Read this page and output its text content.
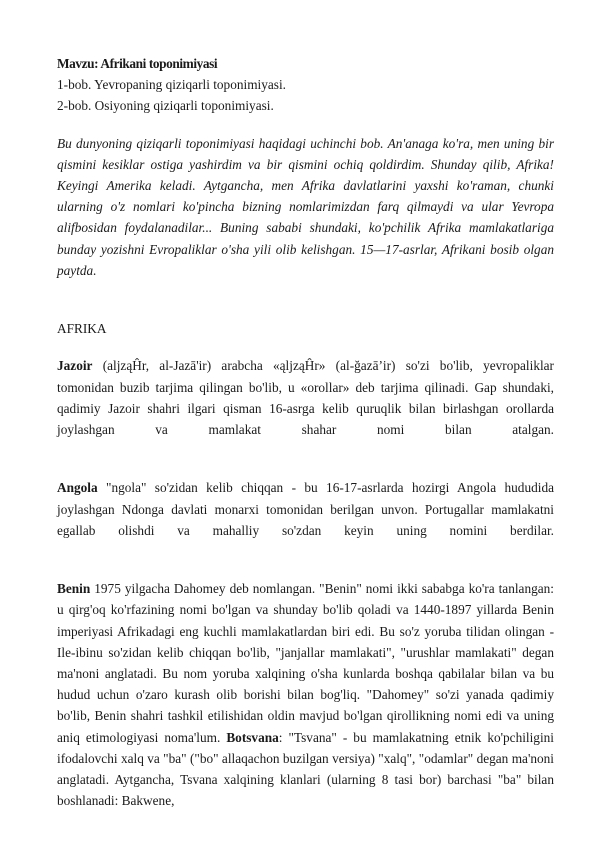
Mavzu: Afrikani toponimiyasi

1-bob. Yevropaning qiziqarli toponimiyasi.

2-bob. Osiyoning qiziqarli toponimiyasi.

Bu dunyoning qiziqarli toponimiyasi haqidagi uchinchi bob. An'anaga ko'ra, men uning bir qismini kesiklar ostiga yashirdim va bir qismini ochiq qoldirdim. Shunday qilib, Afrika! Keyingi Amerika keladi. Aytgancha, men Afrika davlatlarini yaxshi ko'raman, chunki ularning o'z nomlari ko'pincha bizning nomlarimizdan farq qilmaydi va ular Yevropa alifbosidan foydalanadilar... Buning sababi shundaki, ko'pchilik Afrika mamlakatlariga bunday yozishni Evropaliklar o'sha yili olib kelishgan. 15—17-asrlar, Afrikani bosib olgan paytda.

AFRIKA

Jazoir (aljząĤr, al-Jazā'ir) arabcha «ąljząĤr» (al-ğazā’ir) so'zi bo'lib, yevropaliklar tomonidan buzib tarjima qilingan bo'lib, u «orollar» deb tarjima qilinadi. Gap shundaki, qadimiy Jazoir shahri ilgari qisman 16-asrga kelib quruqlik bilan birlashgan orollarda joylashgan va mamlakat shahar nomi bilan atalgan.

Angola "ngola" so'zidan kelib chiqqan - bu 16-17-asrlarda hozirgi Angola hududida joylashgan Ndonga davlati monarxi tomonidan berilgan unvon. Portugallar mamlakatni egallab olishdi va mahalliy so'zdan keyin uning nomini berdilar.

Benin 1975 yilgacha Dahomey deb nomlangan. "Benin" nomi ikki sababga ko'ra tanlangan: u qirg'oq ko'rfazining nomi bo'lgan va shunday bo'lib qoladi va 1440-1897 yillarda Benin imperiyasi Afrikadagi eng kuchli mamlakatlardan biri edi. Bu so'z yoruba tilidan olingan - Ile-ibinu so'zidan kelib chiqqan bo'lib, "janjallar mamlakati", "urushlar mamlakati" degan ma'noni anglatadi. Bu nom yoruba xalqining o'sha kunlarda boshqa qabilalar bilan va bu hudud uchun o'zaro kurash olib borishi bilan bog'liq. "Dahomey" so'zi yanada qadimiy bo'lib, Benin shahri tashkil etilishidan oldin mavjud bo'lgan qirollikning nomi edi va uning aniq etimologiyasi noma'lum. Botsvana: "Tsvana" - bu mamlakatning etnik ko'pchiligini ifodalovchi xalq va "ba" ("bo" allaqachon buzilgan versiya) "xalq", "odamlar" degan ma'noni anglatadi. Aytgancha, Tsvana xalqining klanlari (ularning 8 tasi bor) barchasi "ba" bilan boshlanadi: Bakwene,
